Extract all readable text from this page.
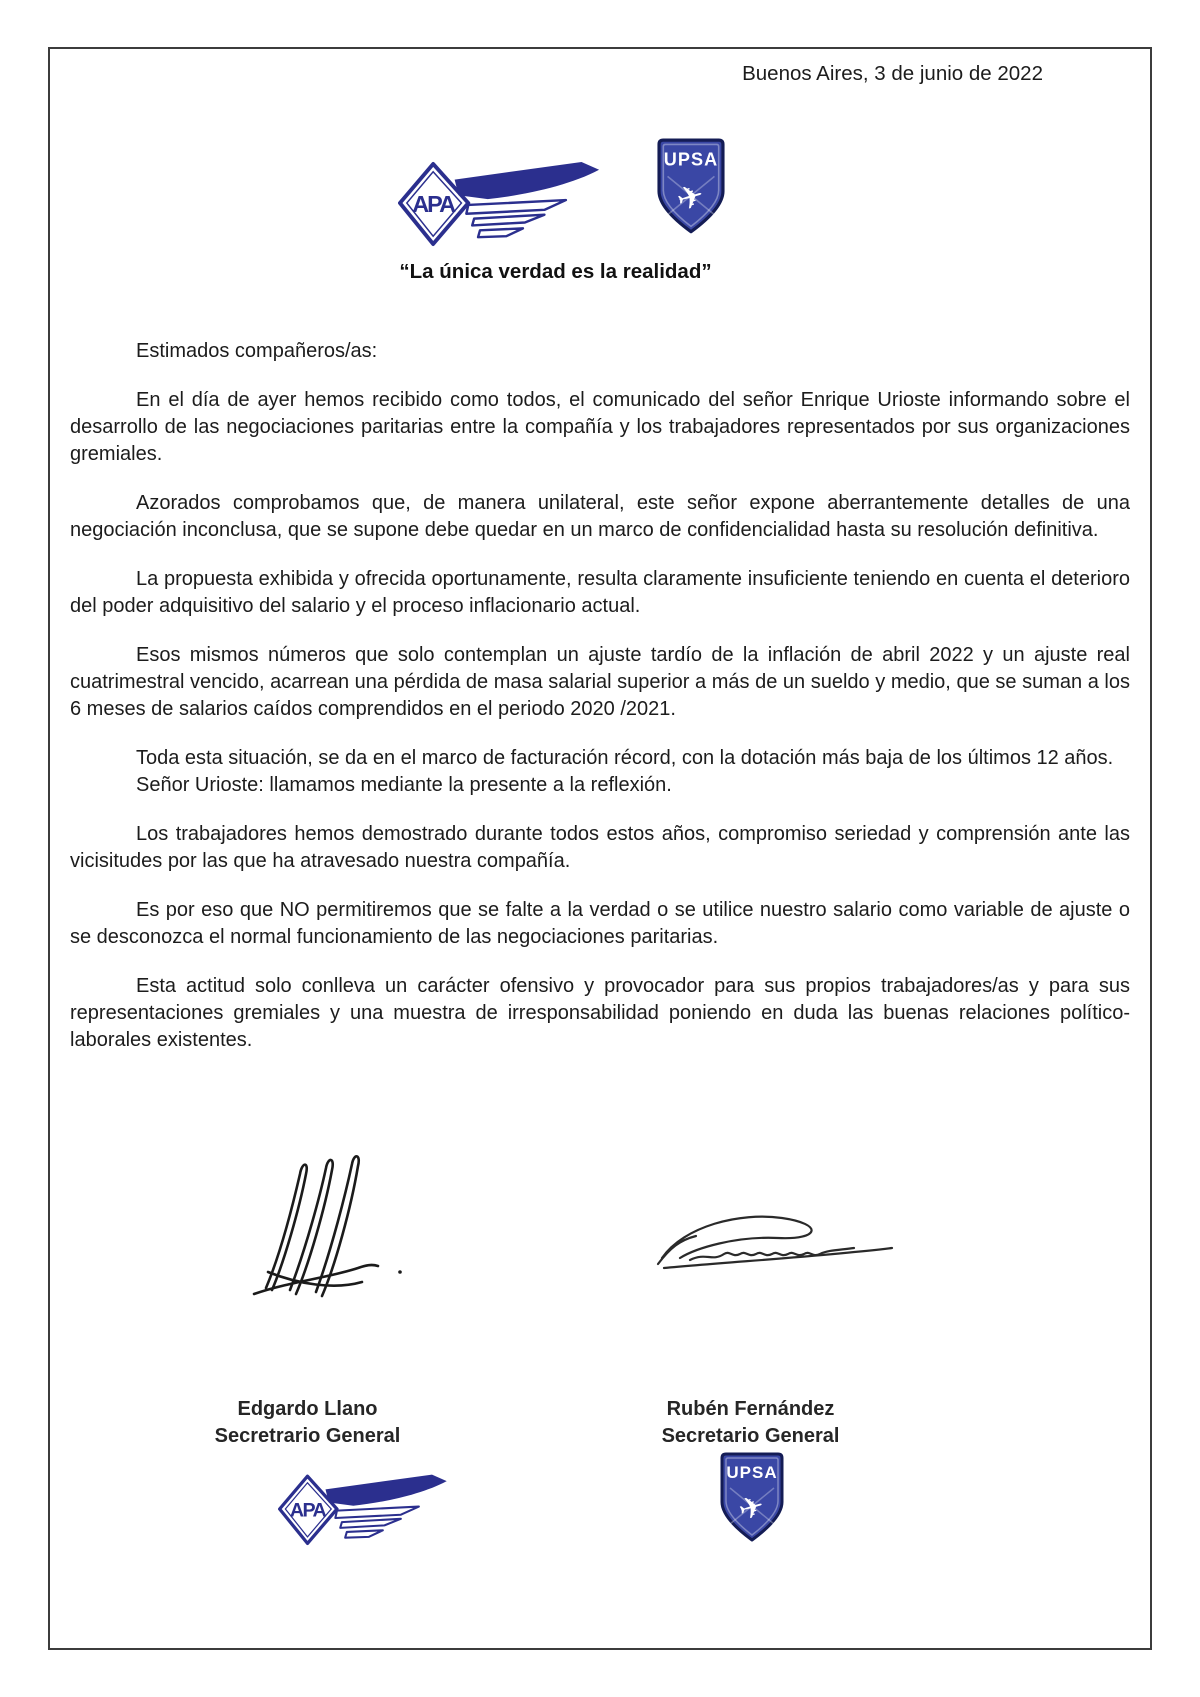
Buenos Aires, 3 de junio de 2022
APA
UPSA
✈
“La única verdad es la realidad”

Estimados compañeros/as:

En el día de ayer hemos recibido como todos, el comunicado del señor Enrique Urioste informando sobre el desarrollo de las negociaciones paritarias entre la compañía y los trabajadores representados por sus organizaciones gremiales.

Azorados comprobamos que, de manera unilateral, este señor expone aberrantemente detalles de una negociación inconclusa, que se supone debe quedar en un marco de confidencialidad hasta su resolución definitiva.

La propuesta exhibida y ofrecida oportunamente, resulta claramente insuficiente teniendo en cuenta el deterioro del poder adquisitivo del salario y el proceso inflacionario actual.

Esos mismos números que solo contemplan un ajuste tardío de la inflación de abril 2022 y un ajuste real cuatrimestral vencido, acarrean una pérdida de masa salarial superior a más de un sueldo y medio, que se suman a los 6 meses de salarios caídos comprendidos en el periodo 2020 /2021.

Toda esta situación, se da en el marco de facturación récord, con la dotación más baja de los últimos 12 años.

Señor Urioste: llamamos mediante la presente a la reflexión.

Los trabajadores hemos demostrado durante todos estos años, compromiso seriedad y comprensión ante las vicisitudes por las que ha atravesado nuestra compañía.

Es por eso que NO permitiremos que se falte a la verdad o se utilice nuestro salario como variable de ajuste o se desconozca el normal funcionamiento de las negociaciones paritarias.

Esta actitud solo conlleva un carácter ofensivo y provocador para sus propios trabajadores/as y para sus representaciones gremiales y una muestra de irresponsabilidad poniendo en duda las buenas relaciones político-laborales existentes.

Edgardo Llano
Secretrario General
Rubén Fernández
Secretario General
APA
UPSA
✈
